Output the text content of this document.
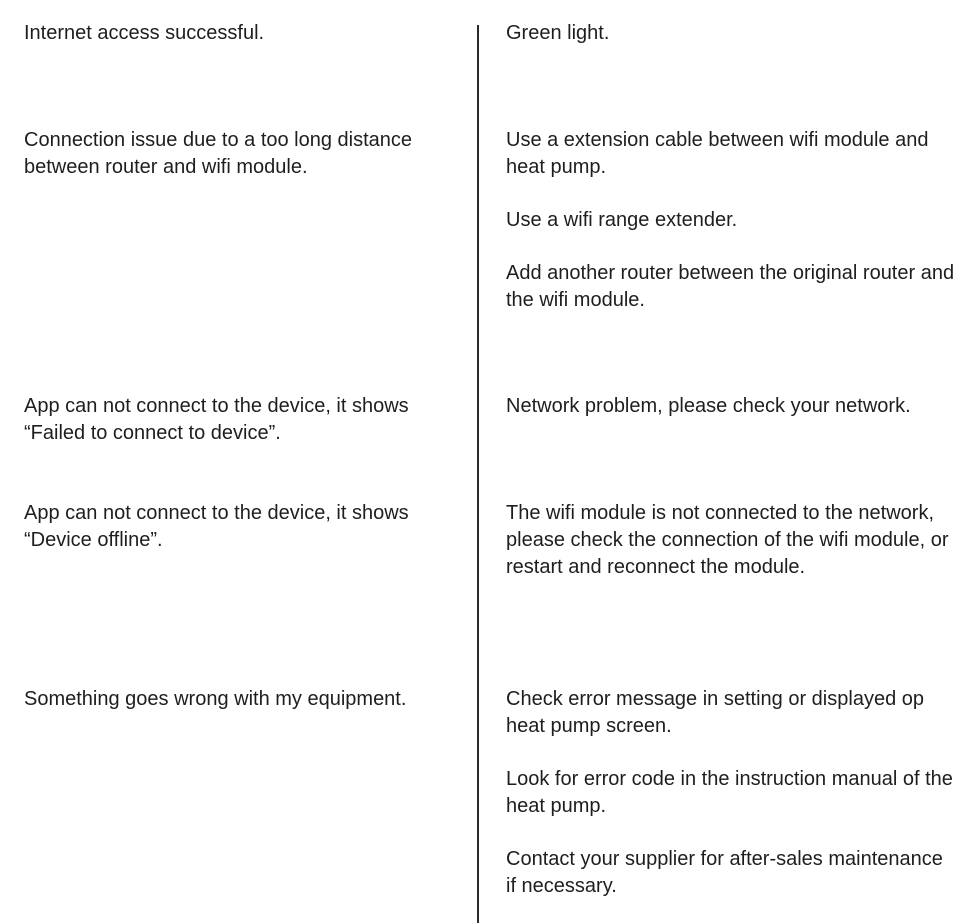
Internet access successful.	Green light.

Connection issue due to a too long distance between router and wifi module.

Use a extension cable between wifi module and heat pump.

Use a wifi range extender.

Add another router between the original router and the wifi module.

App can not connect to the device, it shows “Failed to connect to device”.

Network problem, please check your network.

App can not connect to the device, it shows “Device offline”.

The wifi module is not connected to the network, please check the connection of the wifi module, or restart and reconnect the module.

Something goes wrong with my equipment.	Check error message in setting or displayed op heat pump screen.

Look for error code in the instruction manual of the heat pump.

Contact your supplier for after-sales maintenance if necessary.
